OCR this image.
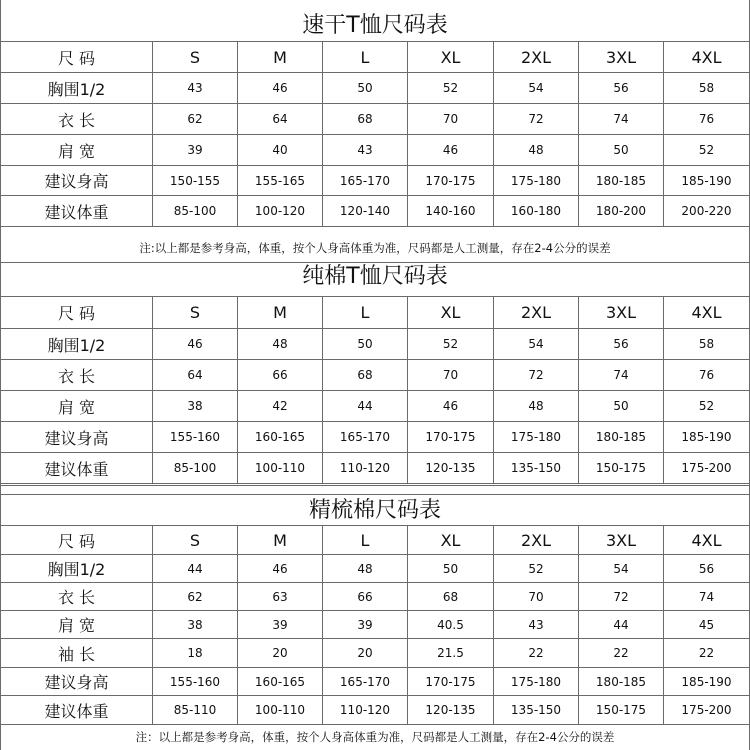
速干T恤尺码表
尺 码	S	M	L	XL	2XL	3XL	4XL
胸围1/2	43	46	50	52	54	56	58
衣 长	62	64	68	70	72	74	76
肩 宽	39	40	43	46	48	50	52
建议身高	150-155	155-165	165-170	170-175	175-180	180-185	185-190
建议体重	85-100	100-120	120-140	140-160	160-180	180-200	200-220
注:以上都是参考身高，体重，按个人身高体重为准，尺码都是人工测量，存在2-4公分的误差
纯棉T恤尺码表
尺 码	S	M	L	XL	2XL	3XL	4XL
胸围1/2	46	48	50	52	54	56	58
衣 长	64	66	68	70	72	74	76
肩 宽	38	42	44	46	48	50	52
建议身高	155-160	160-165	165-170	170-175	175-180	180-185	185-190
建议体重	85-100	100-110	110-120	120-135	135-150	150-175	175-200
精梳棉尺码表
尺 码	S	M	L	XL	2XL	3XL	4XL
胸围1/2	44	46	48	50	52	54	56
衣 长	62	63	66	68	70	72	74
肩 宽	38	39	39	40.5	43	44	45
袖 长	18	20	20	21.5	22	22	22
建议身高	155-160	160-165	165-170	170-175	175-180	180-185	185-190
建议体重	85-110	100-110	110-120	120-135	135-150	150-175	175-200
注：以上都是参考身高，体重，按个人身高体重为准，尺码都是人工测量，存在2-4公分的误差
